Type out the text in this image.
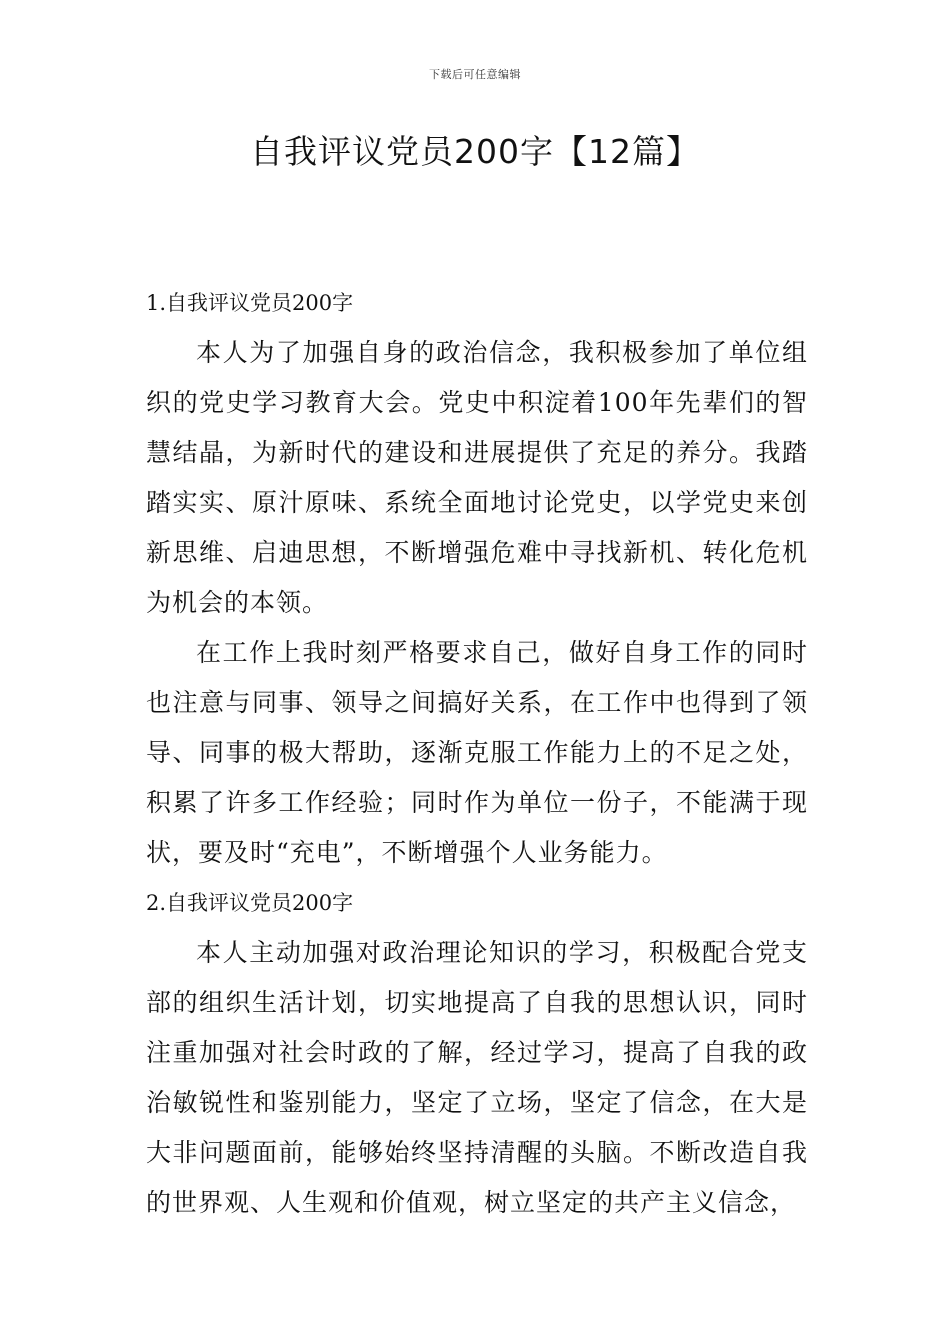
下载后可任意编辑
自我评议党员200字【12篇】

1.自我评议党员200字

本人为了加强自身的政治信念，我积极参加了单位组织的党史学习教育大会。党史中积淀着100年先辈们的智慧结晶，为新时代的建设和进展提供了充足的养分。我踏踏实实、原汁原味、系统全面地讨论党史，以学党史来创新思维、启迪思想，不断增强危难中寻找新机、转化危机为机会的本领。

在工作上我时刻严格要求自己，做好自身工作的同时也注意与同事、领导之间搞好关系，在工作中也得到了领导、同事的极大帮助，逐渐克服工作能力上的不足之处，积累了许多工作经验；同时作为单位一份子，不能满于现状，要及时“充电”，不断增强个人业务能力。

2.自我评议党员200字

本人主动加强对政治理论知识的学习，积极配合党支部的组织生活计划，切实地提高了自我的思想认识，同时注重加强对社会时政的了解，经过学习，提高了自我的政治敏锐性和鉴别能力，坚定了立场，坚定了信念，在大是大非问题面前，能够始终坚持清醒的头脑。不断改造自我的世界观、人生观和价值观，树立坚定的共产主义信念，
